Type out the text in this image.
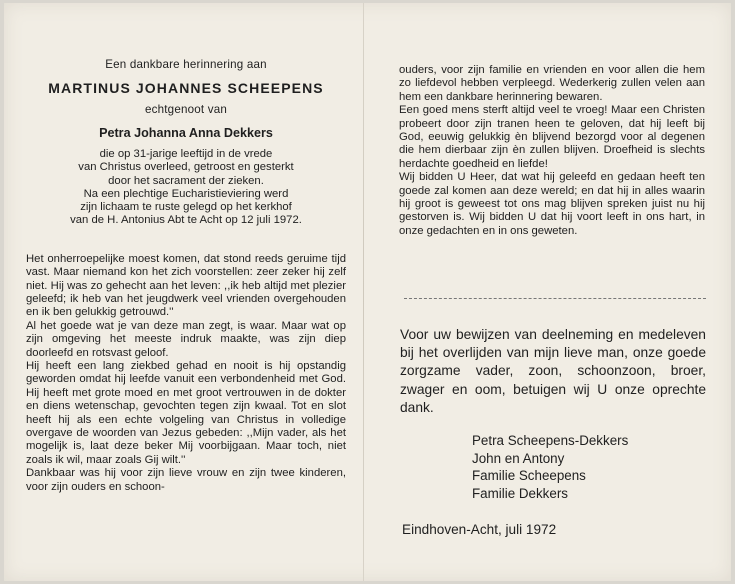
Een dankbare herinnering aan
MARTINUS JOHANNES SCHEEPENS
echtgenoot van
Petra Johanna Anna Dekkers
die op 31-jarige leeftijd in de vrede
van Christus overleed, getroost en gesterkt
door het sacrament der zieken.
Na een plechtige Eucharistieviering werd
zijn lichaam te ruste gelegd op het kerkhof
van de H. Antonius Abt te Acht op 12 juli 1972.

Het onherroepelijke moest komen, dat stond reeds geruime tijd vast. Maar niemand kon het zich voorstellen: zeer zeker hij zelf niet. Hij was zo gehecht aan het leven: ,,ik heb altijd met plezier geleefd; ik heb van het jeugdwerk veel vrienden overgehouden en ik ben gelukkig getrouwd.''

Al het goede wat je van deze man zegt, is waar. Maar wat op zijn omgeving het meeste indruk maakte, was zijn diep doorleefd en rotsvast geloof.

Hij heeft een lang ziekbed gehad en nooit is hij opstandig geworden omdat hij leefde vanuit een verbondenheid met God. Hij heeft met grote moed en met groot vertrouwen in de dokter en diens wetenschap, gevochten tegen zijn kwaal. Tot en slot heeft hij als een echte volgeling van Christus in volledige overgave de woorden van Jezus gebeden: ,,Mijn vader, als het mogelijk is, laat deze beker Mij voorbijgaan. Maar toch, niet zoals ik wil, maar zoals Gij wilt.''

Dankbaar was hij voor zijn lieve vrouw en zijn twee kinderen, voor zijn ouders en schoon-

ouders, voor zijn familie en vrienden en voor allen die hem zo liefdevol hebben verpleegd. Wederkerig zullen velen aan hem een dankbare herinnering bewaren.

Een goed mens sterft altijd veel te vroeg! Maar een Christen probeert door zijn tranen heen te geloven, dat hij leeft bij God, eeuwig gelukkig èn blijvend bezorgd voor al degenen die hem dierbaar zijn èn zullen blijven. Droefheid is slechts herdachte goedheid en liefde!

Wij bidden U Heer, dat wat hij geleefd en gedaan heeft ten goede zal komen aan deze wereld; en dat hij in alles waarin hij groot is geweest tot ons mag blijven spreken juist nu hij gestorven is. Wij bidden U dat hij voort leeft in ons hart, in onze gedachten en in ons geweten.

Voor uw bewijzen van deelneming en medeleven bij het overlijden van mijn lieve man, onze goede zorgzame vader, zoon, schoonzoon, broer, zwager en oom, betuigen wij U onze oprechte dank.
Petra Scheepens-Dekkers
John en Antony
Familie Scheepens
Familie Dekkers
Eindhoven-Acht, juli 1972
